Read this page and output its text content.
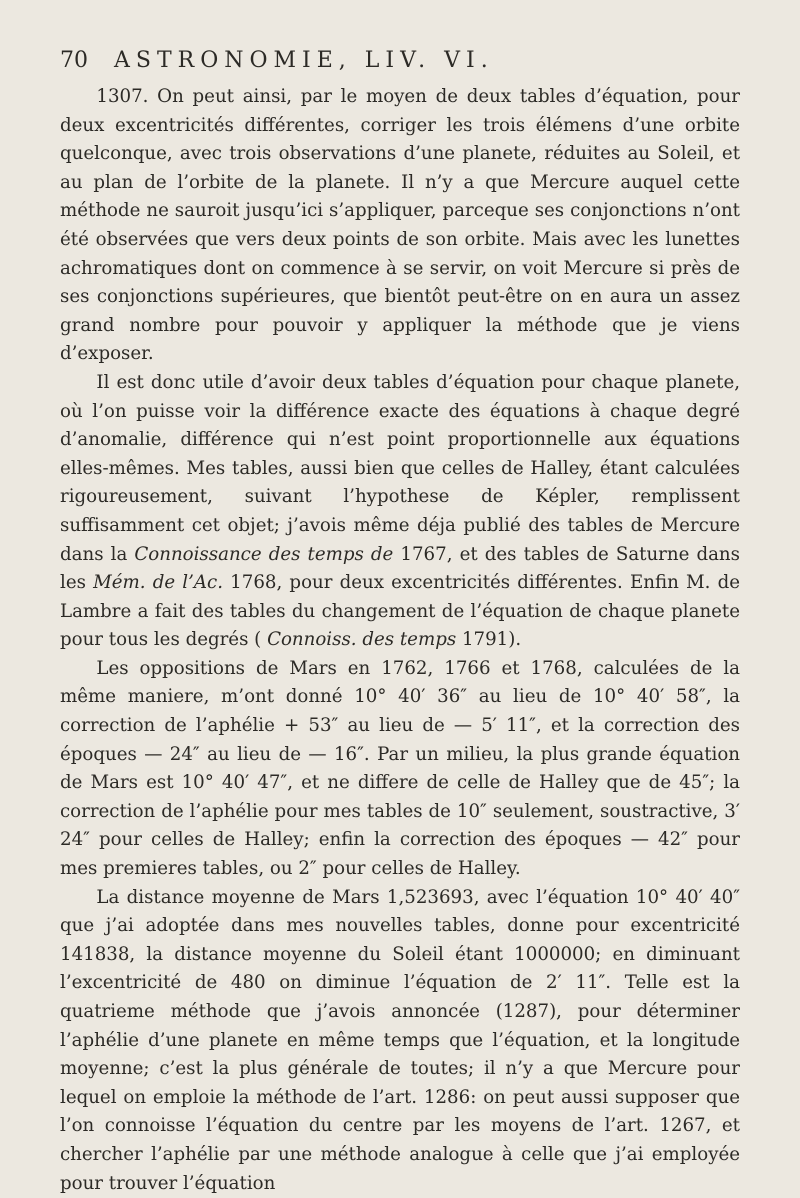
70	ASTRONOMIE, LIV. VI.

1307. On peut ainsi, par le moyen de deux tables d’équation, pour deux excentricités différentes, corriger les trois élémens d’une orbite quelconque, avec trois observations d’une planete, réduites au Soleil, et au plan de l’orbite de la planete. Il n’y a que Mercure auquel cette méthode ne sauroit jusqu’ici s’appliquer, parceque ses conjonctions n’ont été observées que vers deux points de son orbite. Mais avec les lunettes achromatiques dont on commence à se servir, on voit Mercure si près de ses conjonctions supérieures, que bientôt peut-être on en aura un assez grand nombre pour pouvoir y appliquer la méthode que je viens d’exposer.

Il est donc utile d’avoir deux tables d’équation pour chaque planete, où l’on puisse voir la différence exacte des équations à chaque degré d’anomalie, différence qui n’est point proportionnelle aux équations elles-mêmes. Mes tables, aussi bien que celles de Halley, étant calculées rigoureusement, suivant l’hypothese de Képler, remplissent suffisamment cet objet; j’avois même déja publié des tables de Mercure dans la Connoissance des temps de 1767, et des tables de Saturne dans les Mém. de l’Ac. 1768, pour deux excentricités différentes. Enfin M. de Lambre a fait des tables du changement de l’équation de chaque planete pour tous les degrés ( Connoiss. des temps 1791).

Les oppositions de Mars en 1762, 1766 et 1768, calculées de la même maniere, m’ont donné 10° 40′ 36″ au lieu de 10° 40′ 58″, la correction de l’aphélie + 53″ au lieu de — 5′ 11″, et la correction des époques — 24″ au lieu de — 16″. Par un milieu, la plus grande équation de Mars est 10° 40′ 47″, et ne differe de celle de Halley que de 45″; la correction de l’aphélie pour mes tables de 10″ seulement, soustractive, 3′ 24″ pour celles de Halley; enfin la correction des époques — 42″ pour mes premieres tables, ou 2″ pour celles de Halley.

La distance moyenne de Mars 1,523693, avec l’équation 10° 40′ 40″ que j’ai adoptée dans mes nouvelles tables, donne pour excentricité 141838, la distance moyenne du Soleil étant 1000000; en diminuant l’excentricité de 480 on diminue l’équation de 2′ 11″. Telle est la quatrieme méthode que j’avois annoncée (1287), pour déterminer l’aphélie d’une planete en même temps que l’équation, et la longitude moyenne; c’est la plus générale de toutes; il n’y a que Mercure pour lequel on emploie la méthode de l’art. 1286: on peut aussi supposer que l’on connoisse l’équation du centre par les moyens de l’art. 1267, et chercher l’aphélie par une méthode analogue à celle que j’ai employée pour trouver l’équation
